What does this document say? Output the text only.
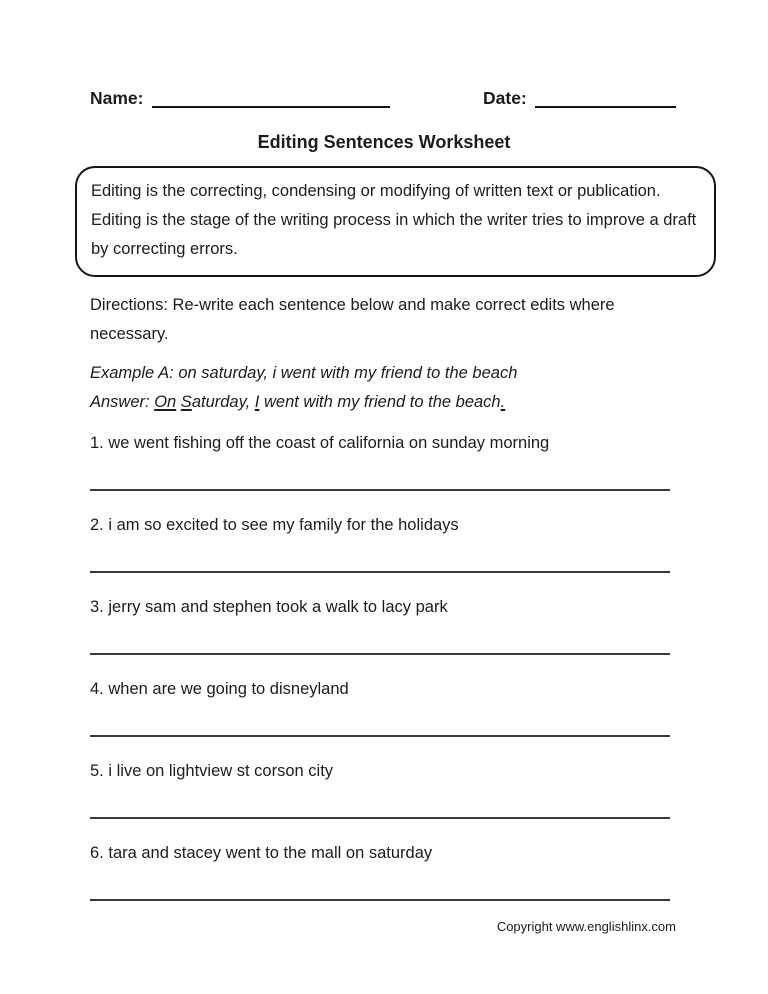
Name:	Date:
Editing Sentences Worksheet

Editing is the correcting, condensing or modifying of written text or publication. Editing is the stage of the writing process in which the writer tries to improve a draft by correcting errors.

Directions: Re-write each sentence below and make correct edits where necessary.

Example A: on saturday, i went with my friend to the beach

Answer: On Saturday, I went with my friend to the beach.

1. we went fishing off the coast of california on sunday morning

2. i am so excited to see my family for the holidays

3. jerry sam and stephen took a walk to lacy park

4. when are we going to disneyland

5. i live on lightview st corson city

6. tara and stacey went to the mall on saturday

Copyright www.englishlinx.com
